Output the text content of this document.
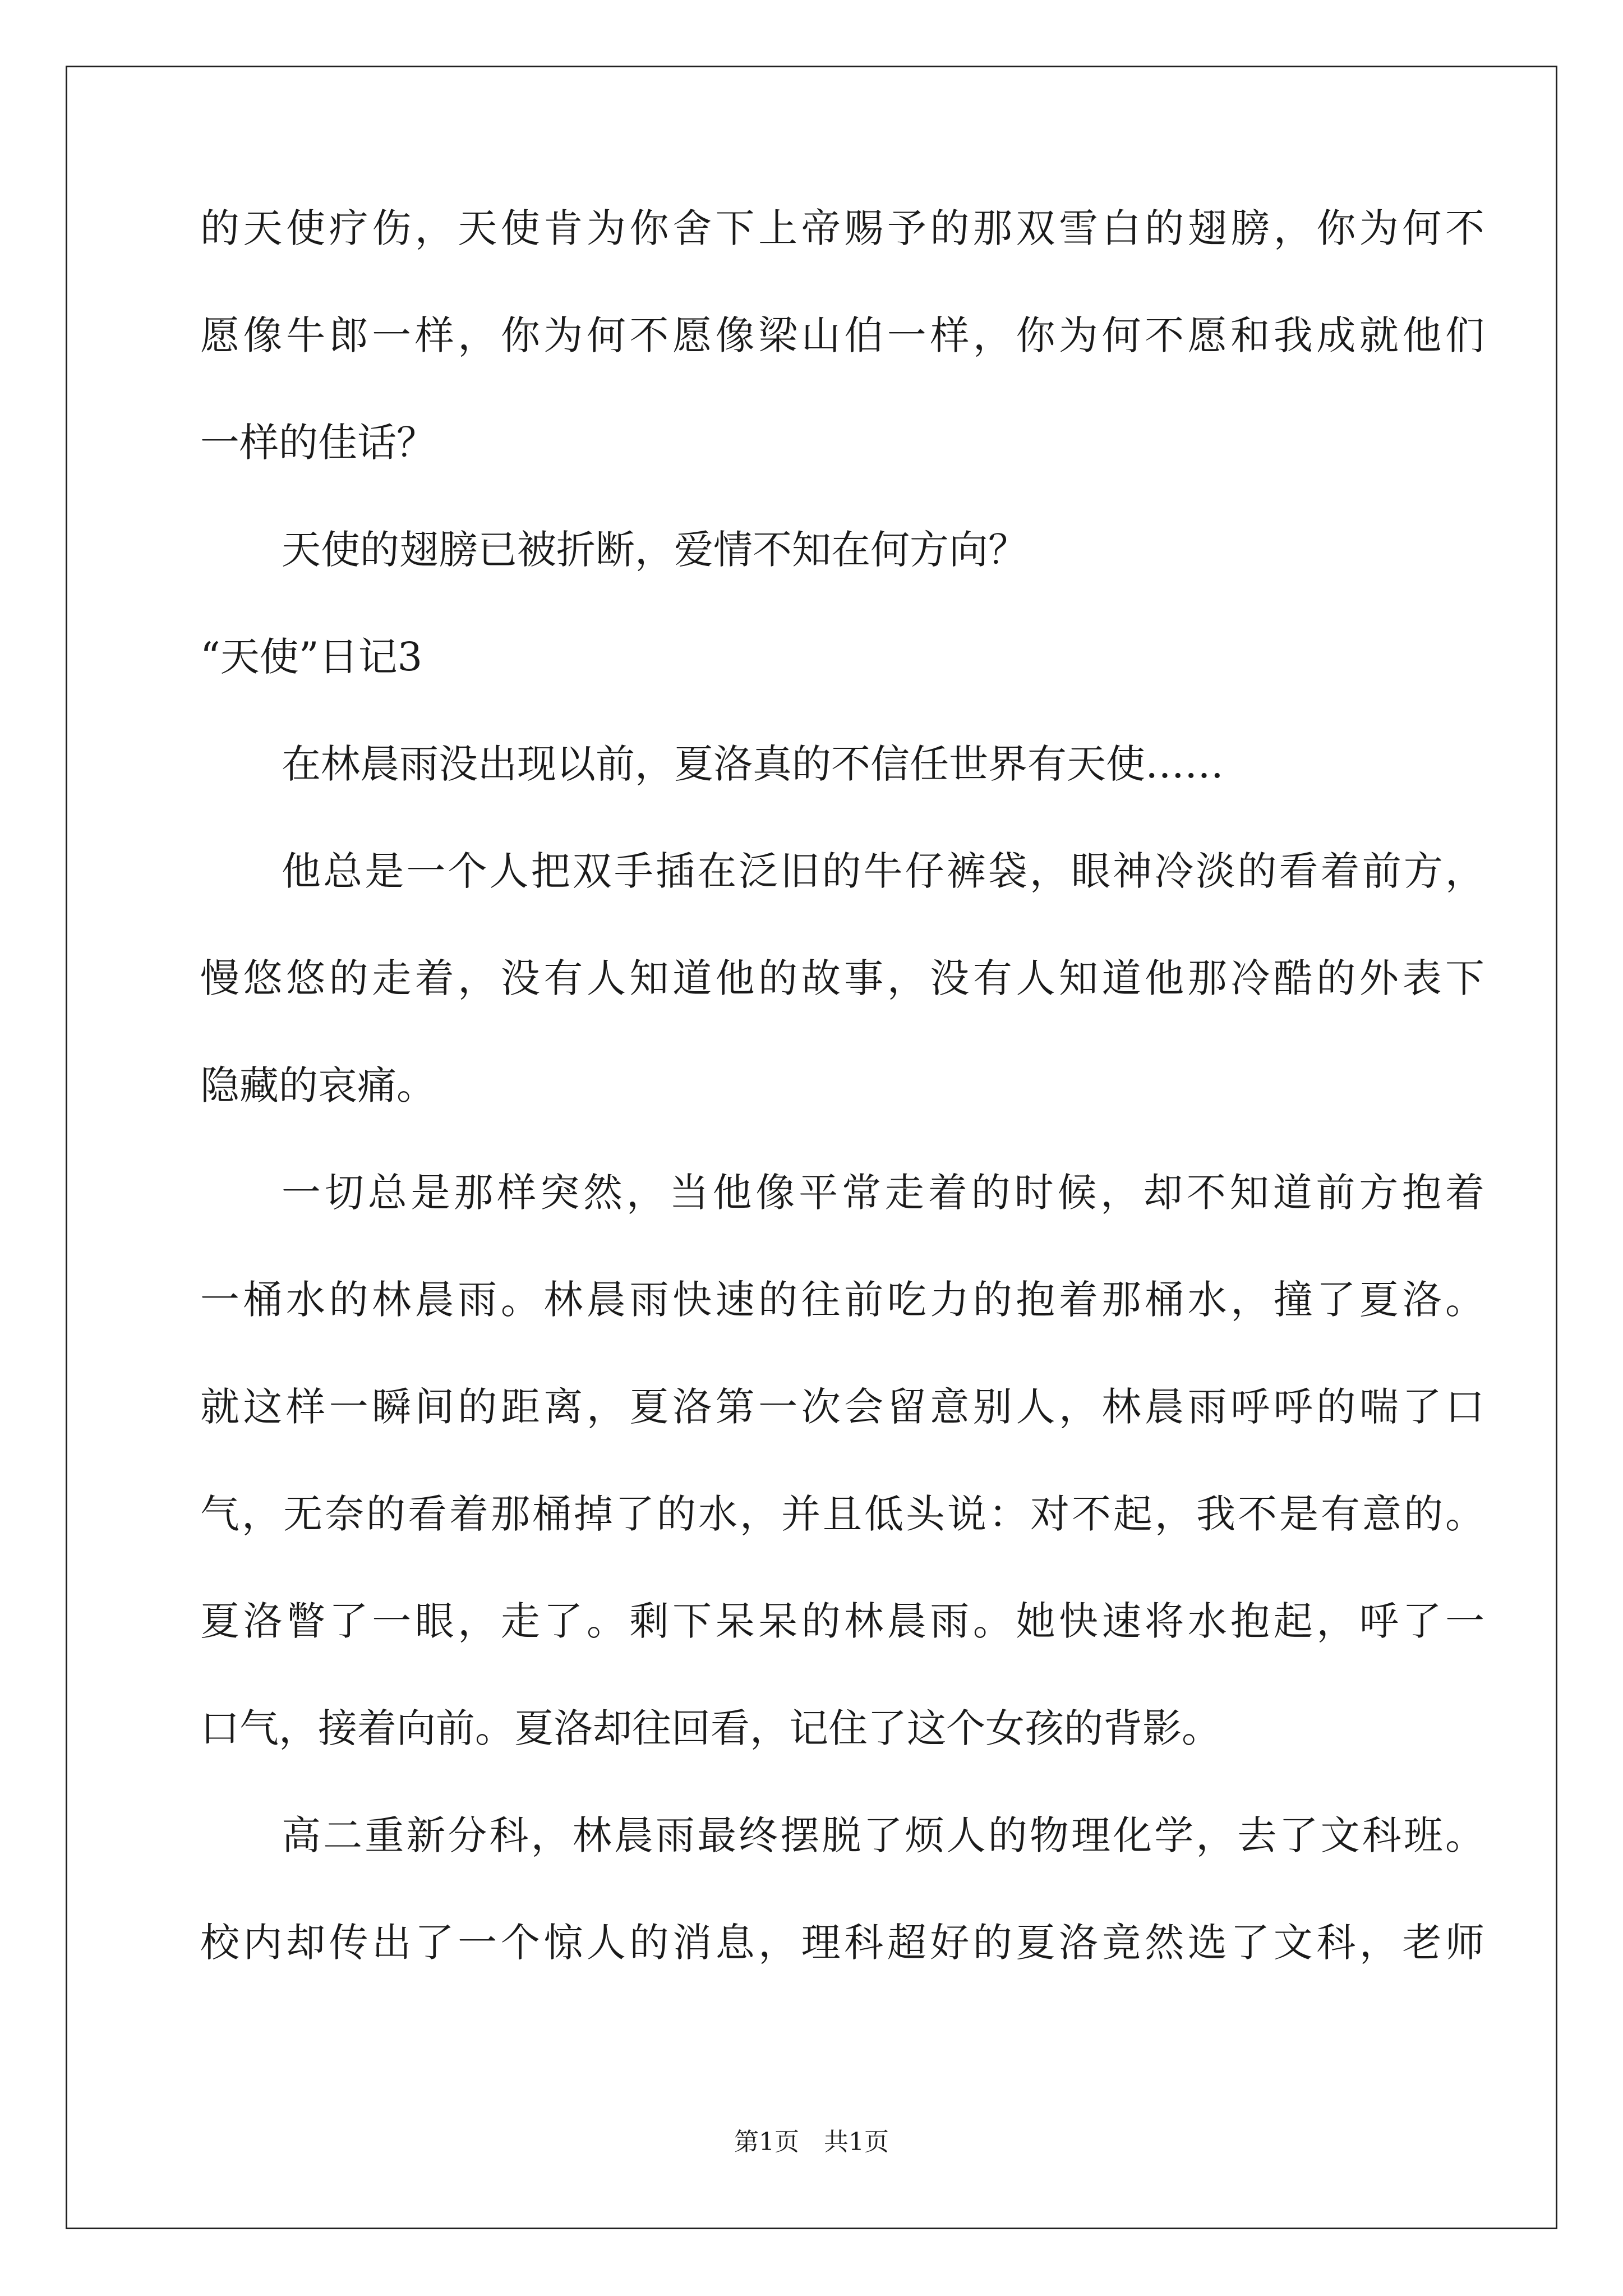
的天使疗伤，天使肯为你舍下上帝赐予的那双雪白的翅膀，你为何不

愿像牛郎一样，你为何不愿像梁山伯一样，你为何不愿和我成就他们

一样的佳话？

天使的翅膀已被折断，爱情不知在何方向？

“天使”日记3

在林晨雨没出现以前，夏洛真的不信任世界有天使……

他总是一个人把双手插在泛旧的牛仔裤袋，眼神冷淡的看着前方，

慢悠悠的走着，没有人知道他的故事，没有人知道他那冷酷的外表下

隐藏的哀痛。

一切总是那样突然，当他像平常走着的时候，却不知道前方抱着

一桶水的林晨雨。林晨雨快速的往前吃力的抱着那桶水，撞了夏洛。

就这样一瞬间的距离，夏洛第一次会留意别人，林晨雨呼呼的喘了口

气，无奈的看着那桶掉了的水，并且低头说：对不起，我不是有意的。

夏洛瞥了一眼，走了。剩下呆呆的林晨雨。她快速将水抱起，呼了一

口气，接着向前。夏洛却往回看，记住了这个女孩的背影。

高二重新分科，林晨雨最终摆脱了烦人的物理化学，去了文科班。

校内却传出了一个惊人的消息，理科超好的夏洛竟然选了文科，老师

第1页　共1页
